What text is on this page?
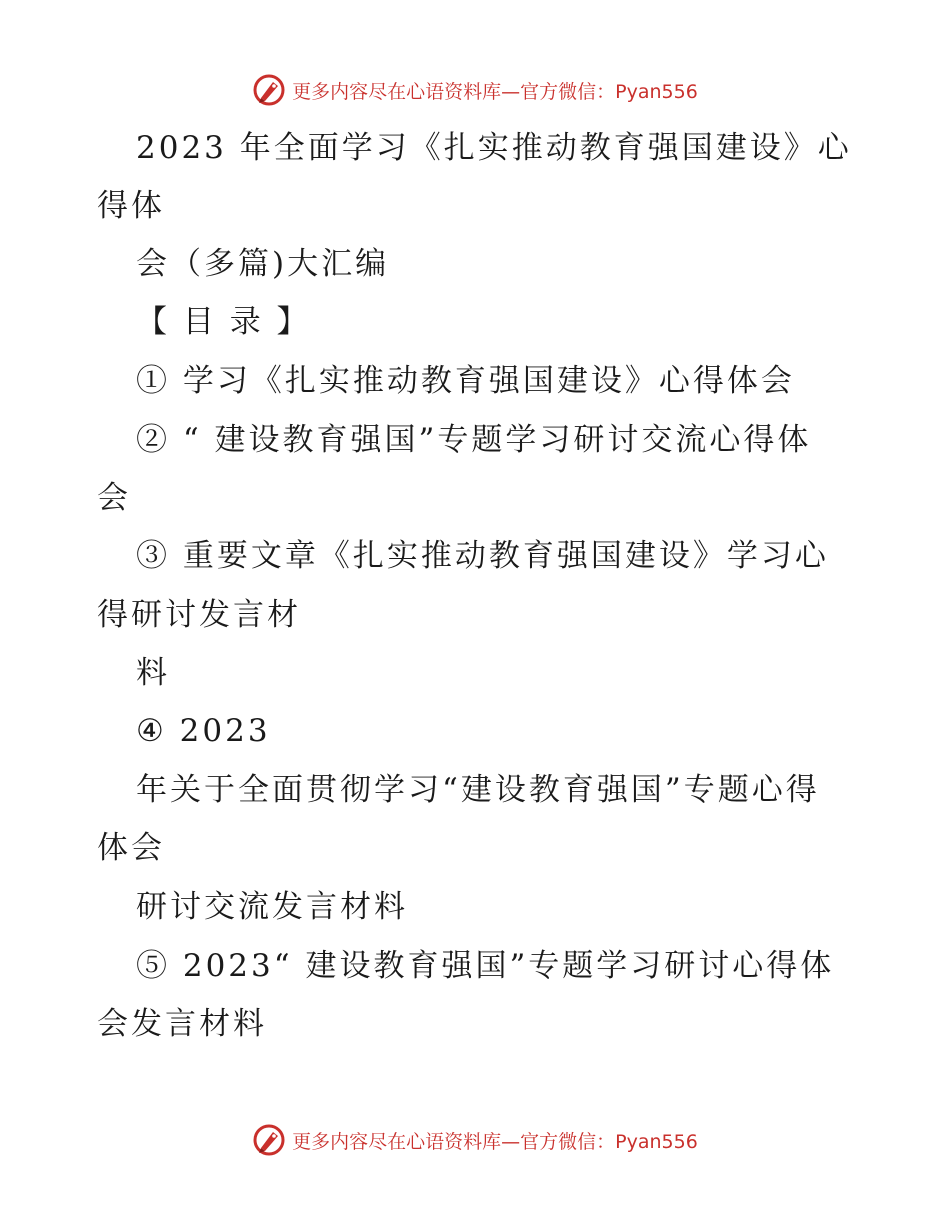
更多内容尽在心语资料库—官方微信：Pyan556
2023 年全面学习《扎实推动教育强国建设》心
得体
会（多篇)大汇编
【 目 录 】
① 学习《扎实推动教育强国建设》心得体会
② “ 建设教育强国”专题学习研讨交流心得体
会
③ 重要文章《扎实推动教育强国建设》学习心
得研讨发言材
料
④ 2023
年关于全面贯彻学习“建设教育强国”专题心得
体会
研讨交流发言材料
⑤ 2023“ 建设教育强国”专题学习研讨心得体
会发言材料
更多内容尽在心语资料库—官方微信：Pyan556
